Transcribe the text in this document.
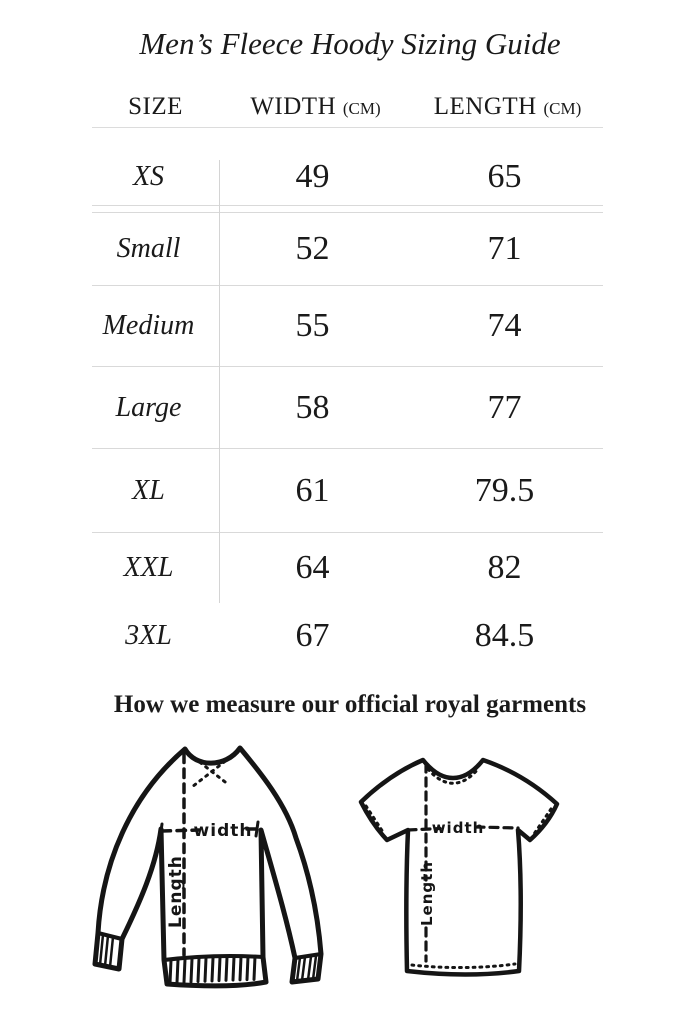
Men’s Fleece Hoody Sizing Guide
SIZE	WIDTH (CM)	LENGTH (CM)
XS	49	65
Small	52	71
Medium	55	74
Large	58	77
XL	61	79.5
XXL	64	82
3XL	67	84.5
How we measure our official royal garments
width
Length
width
Length
